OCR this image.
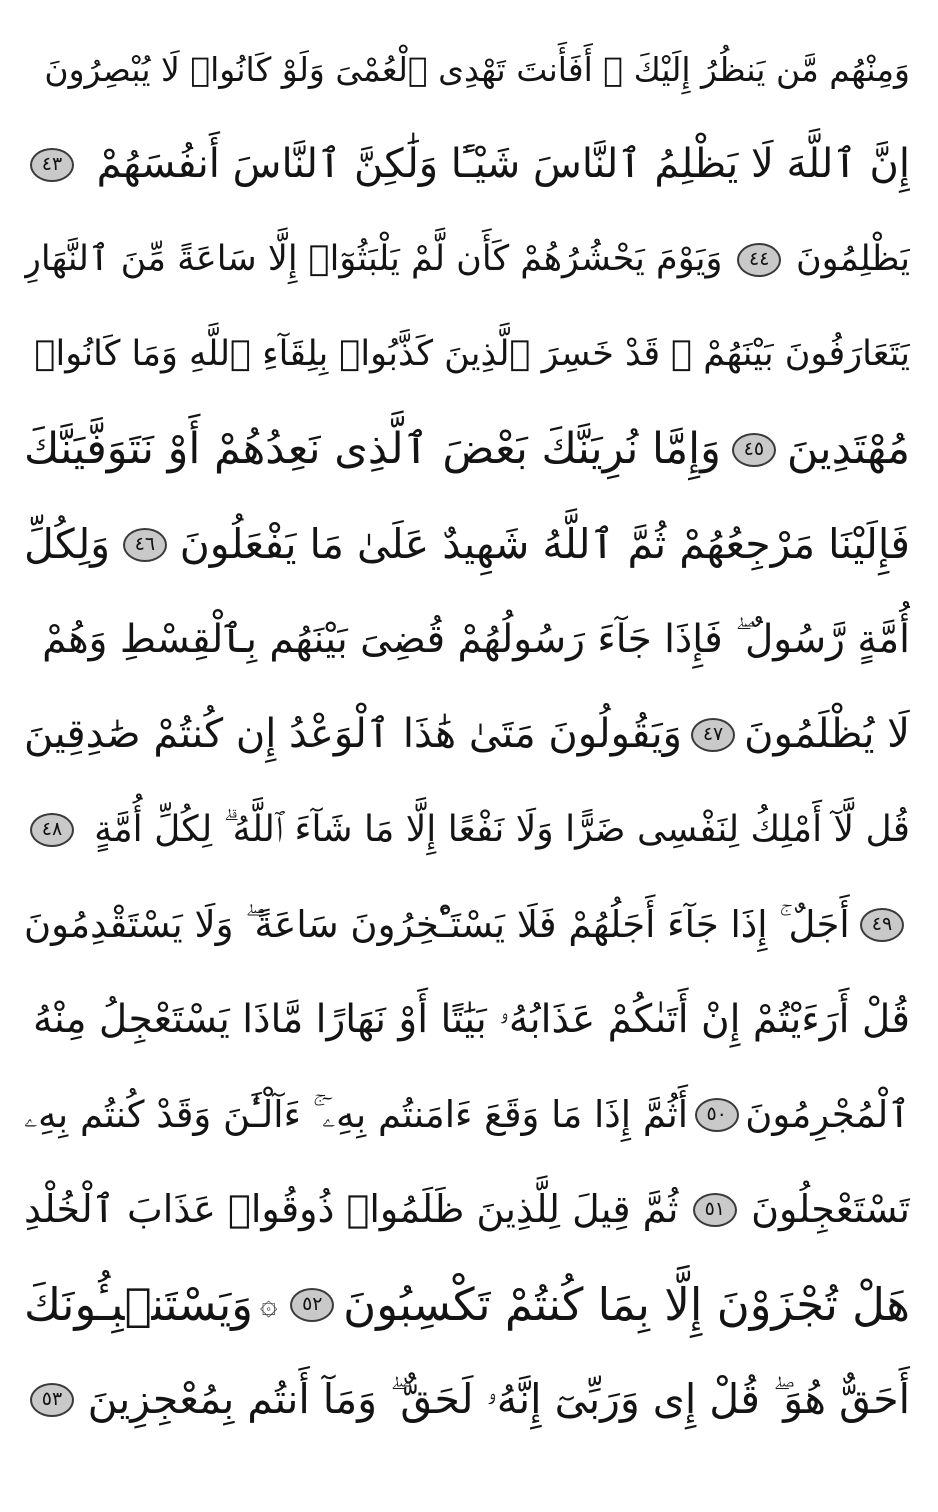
وَمِنْهُم مَّن يَنظُرُ إِلَيْكَ ۚ أَفَأَنتَ تَهْدِى ٱلْعُمْىَ وَلَوْ كَانُوا۟ لَا يُبْصِرُونَ
إِنَّ ٱللَّهَ لَا يَظْلِمُ ٱلنَّاسَ شَيْـًٔا وَلَٰكِنَّ ٱلنَّاسَ أَنفُسَهُمْ
٤٣
يَظْلِمُونَ
٤٤
وَيَوْمَ يَحْشُرُهُمْ كَأَن لَّمْ يَلْبَثُوٓا۟ إِلَّا سَاعَةً مِّنَ ٱلنَّهَارِ
يَتَعَارَفُونَ بَيْنَهُمْ ۚ قَدْ خَسِرَ ٱلَّذِينَ كَذَّبُوا۟ بِلِقَآءِ ٱللَّهِ وَمَا كَانُوا۟
مُهْتَدِينَ
٤٥
وَإِمَّا نُرِيَنَّكَ بَعْضَ ٱلَّذِى نَعِدُهُمْ أَوْ نَتَوَفَّيَنَّكَ
فَإِلَيْنَا مَرْجِعُهُمْ ثُمَّ ٱللَّهُ شَهِيدٌ عَلَىٰ مَا يَفْعَلُونَ
٤٦
وَلِكُلِّ
أُمَّةٍ رَّسُولٌ ۖ فَإِذَا جَآءَ رَسُولُهُمْ قُضِىَ بَيْنَهُم بِٱلْقِسْطِ وَهُمْ
لَا يُظْلَمُونَ
٤٧
وَيَقُولُونَ مَتَىٰ هَٰذَا ٱلْوَعْدُ إِن كُنتُمْ صَٰدِقِينَ
قُل لَّآ أَمْلِكُ لِنَفْسِى ضَرًّا وَلَا نَفْعًا إِلَّا مَا شَآءَ ٱللَّهُ ۗ لِكُلِّ أُمَّةٍ
٤٨
٤٩
أَجَلٌ ۚ إِذَا جَآءَ أَجَلُهُمْ فَلَا يَسْتَـْٔخِرُونَ سَاعَةً ۖ وَلَا يَسْتَقْدِمُونَ
قُلْ أَرَءَيْتُمْ إِنْ أَتَىٰكُمْ عَذَابُهُۥ بَيَٰتًا أَوْ نَهَارًا مَّاذَا يَسْتَعْجِلُ مِنْهُ
ٱلْمُجْرِمُونَ
٥٠
أَثُمَّ إِذَا مَا وَقَعَ ءَامَنتُم بِهِۦٓ ۚ ءَآلْـَٰٔنَ وَقَدْ كُنتُم بِهِۦ
تَسْتَعْجِلُونَ
٥١
ثُمَّ قِيلَ لِلَّذِينَ ظَلَمُوا۟ ذُوقُوا۟ عَذَابَ ٱلْخُلْدِ
هَلْ تُجْزَوْنَ إِلَّا بِمَا كُنتُمْ تَكْسِبُونَ
٥٢
۞
وَيَسْتَنۢبِـُٔونَكَ
أَحَقٌّ هُوَ ۖ قُلْ إِى وَرَبِّىٓ إِنَّهُۥ لَحَقٌّ ۖ وَمَآ أَنتُم بِمُعْجِزِينَ
٥٣
